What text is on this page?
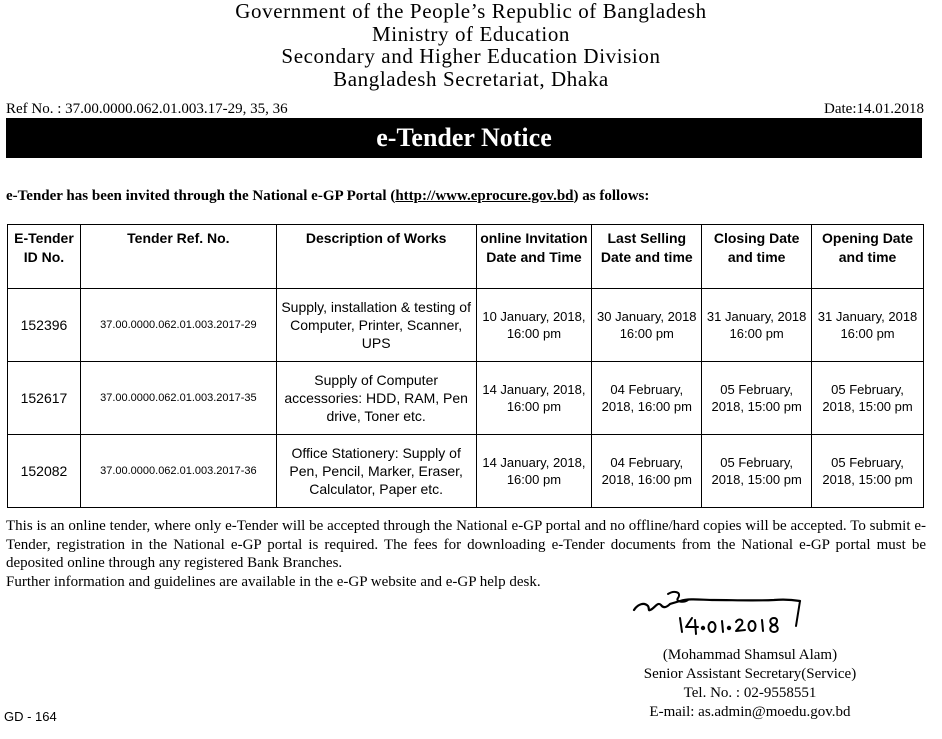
Government of the People’s Republic of Bangladesh
Ministry of Education
Secondary and Higher Education Division
Bangladesh Secretariat, Dhaka
Ref No. : 37.00.0000.062.01.003.17-29, 35, 36	Date:14.01.2018
e-Tender Notice
e-Tender has been invited through the National e-GP Portal (http://www.eprocure.gov.bd) as follows:
E-Tender ID No.	Tender Ref. No.	Description of Works	online Invitation Date and Time	Last Selling Date and time	Closing Date and time	Opening Date and time
152396	37.00.0000.062.01.003.2017-29	Supply, installation & testing of Computer, Printer, Scanner, UPS	10 January, 2018, 16:00 pm	30 January, 2018 16:00 pm	31 January, 2018 16:00 pm	31 January, 2018 16:00 pm
152617	37.00.0000.062.01.003.2017-35	Supply of Computer accessories: HDD, RAM, Pen drive, Toner etc.	14 January, 2018, 16:00 pm	04 February, 2018, 16:00 pm	05 February, 2018, 15:00 pm	05 February, 2018, 15:00 pm
152082	37.00.0000.062.01.003.2017-36	Office Stationery: Supply of Pen, Pencil, Marker, Eraser, Calculator, Paper etc.	14 January, 2018, 16:00 pm	04 February, 2018, 16:00 pm	05 February, 2018, 15:00 pm	05 February, 2018, 15:00 pm

This is an online tender, where only e-Tender will be accepted through the National e-GP portal and no offline/hard copies will be accepted. To submit e-Tender, registration in the National e-GP portal is required. The fees for downloading e-Tender documents from the National e-GP portal must be deposited online through any registered Bank Branches.

Further information and guidelines are available in the e-GP website and e-GP help desk.

(Mohammad Shamsul Alam)
Senior Assistant Secretary(Service)
Tel. No. : 02-9558551
E-mail: as.admin@moedu.gov.bd
GD - 164
